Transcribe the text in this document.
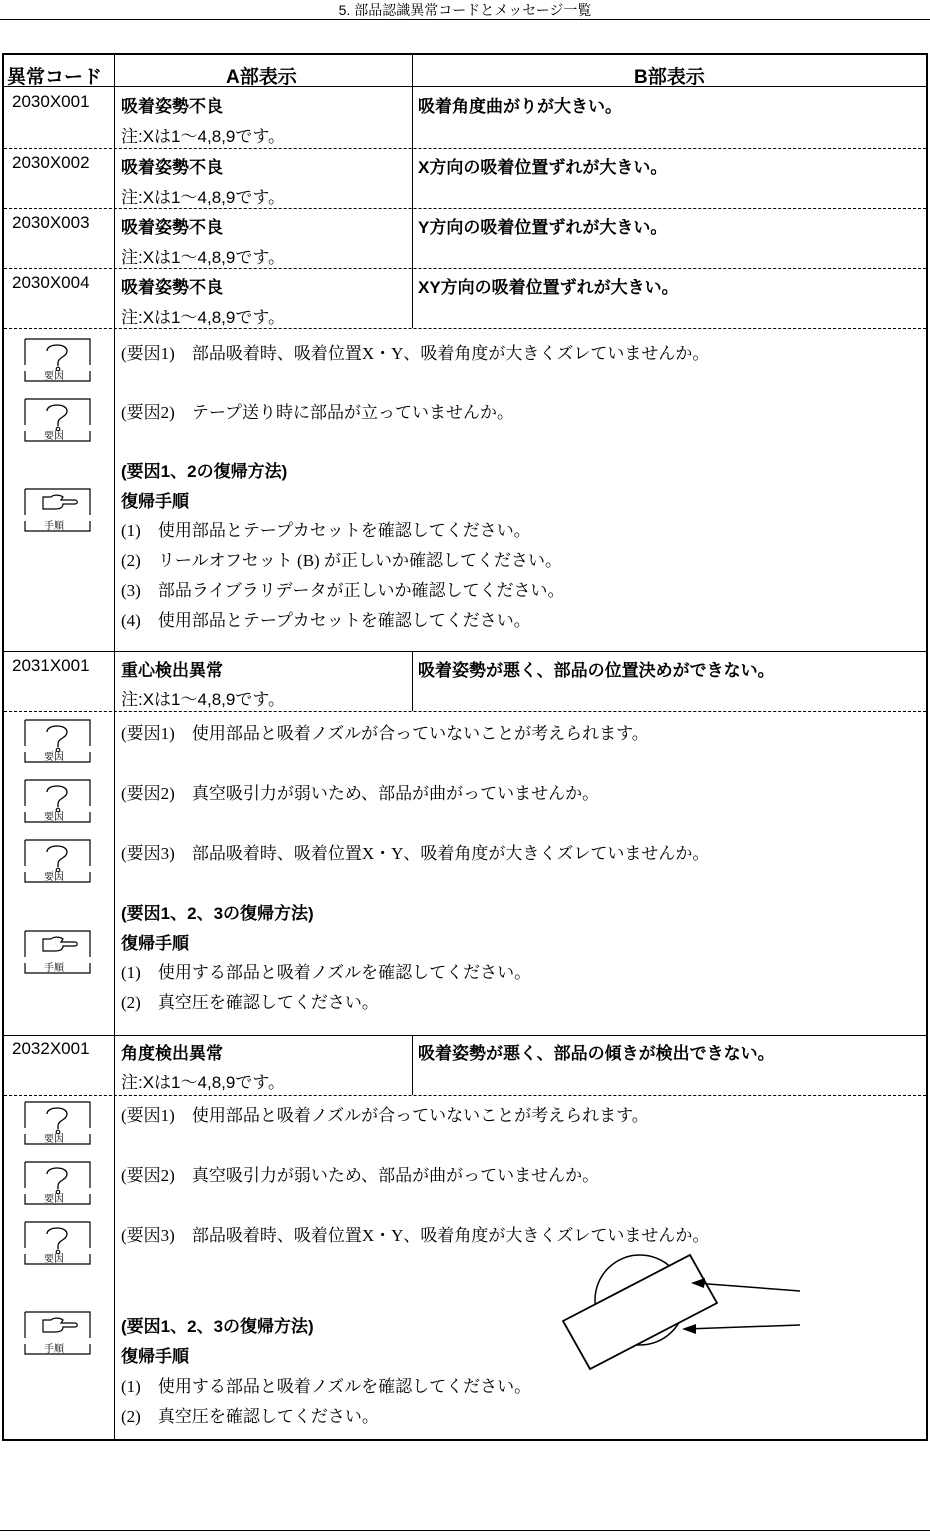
5. 部品認識異常コードとメッセージ一覧
異常コード	A部表示	B部表示
2030X001 吸着姿勢不良
注:Xは1～4,8,9です。
吸着角度曲がりが大きい。
2030X002 吸着姿勢不良
注:Xは1～4,8,9です。
X方向の吸着位置ずれが大きい。
2030X003 吸着姿勢不良
注:Xは1～4,8,9です。
Y方向の吸着位置ずれが大きい。
2030X004 吸着姿勢不良
注:Xは1～4,8,9です。
XY方向の吸着位置ずれが大きい。
要因
(要因1)　部品吸着時、吸着位置X・Y、吸着角度が大きくズレていませんか。
要因
(要因2)　テープ送り時に部品が立っていませんか。
(要因1、2の復帰方法)
手順
復帰手順
(1)　使用部品とテープカセットを確認してください。
(2)　リールオフセット (B) が正しいか確認してください。
(3)　部品ライブラリデータが正しいか確認してください。
(4)　使用部品とテープカセットを確認してください。
2031X001 重心検出異常
注:Xは1～4,8,9です。
吸着姿勢が悪く、部品の位置決めができない。
要因
(要因1)　使用部品と吸着ノズルが合っていないことが考えられます。
要因
(要因2)　真空吸引力が弱いため、部品が曲がっていませんか。
要因
(要因3)　部品吸着時、吸着位置X・Y、吸着角度が大きくズレていませんか。
(要因1、2、3の復帰方法)
手順
復帰手順
(1)　使用する部品と吸着ノズルを確認してください。
(2)　真空圧を確認してください。
2032X001 角度検出異常
注:Xは1～4,8,9です。
吸着姿勢が悪く、部品の傾きが検出できない。
要因
(要因1)　使用部品と吸着ノズルが合っていないことが考えられます。
要因
(要因2)　真空吸引力が弱いため、部品が曲がっていませんか。
要因
(要因3)　部品吸着時、吸着位置X・Y、吸着角度が大きくズレていませんか。
手順
(要因1、2、3の復帰方法)
復帰手順
(1)　使用する部品と吸着ノズルを確認してください。
(2)　真空圧を確認してください。
